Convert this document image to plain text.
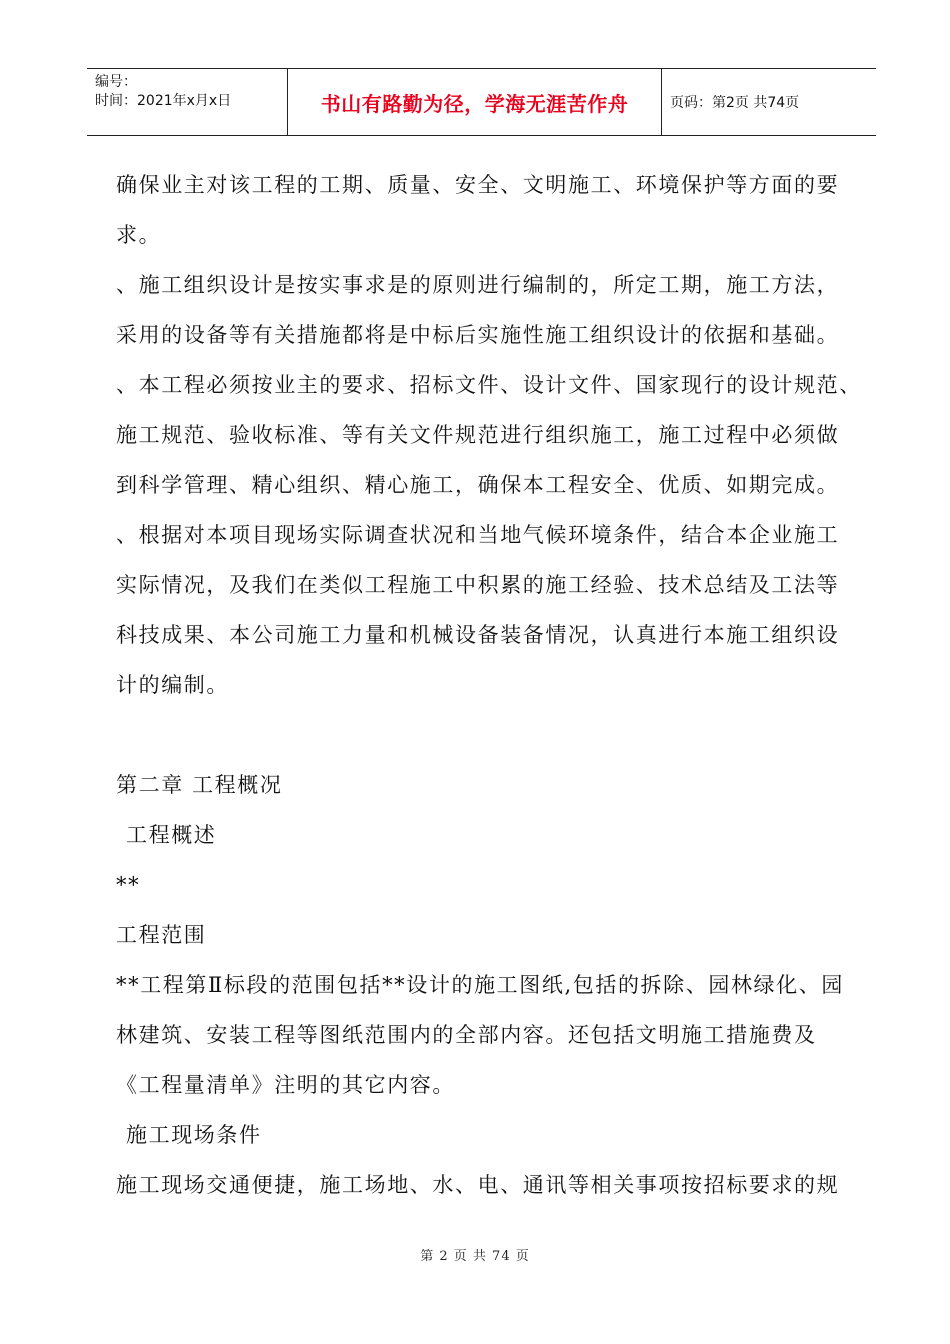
编号：
时间：2021年x月x日	书山有路勤为径，学海无涯苦作舟	页码：第2页 共74页

确保业主对该工程的工期、质量、安全、文明施工、环境保护等方面的要

求。

、施工组织设计是按实事求是的原则进行编制的，所定工期，施工方法，

采用的设备等有关措施都将是中标后实施性施工组织设计的依据和基础。

、本工程必须按业主的要求、招标文件、设计文件、国家现行的设计规范、

施工规范、验收标准、等有关文件规范进行组织施工，施工过程中必须做

到科学管理、精心组织、精心施工，确保本工程安全、优质、如期完成。

、根据对本项目现场实际调查状况和当地气候环境条件，结合本企业施工

实际情况，及我们在类似工程施工中积累的施工经验、技术总结及工法等

科技成果、本公司施工力量和机械设备装备情况，认真进行本施工组织设

计的编制。

第二章 工程概况

工程概述

**

工程范围

**工程第Ⅱ标段的范围包括**设计的施工图纸,包括的拆除、园林绿化、园

林建筑、安装工程等图纸范围内的全部内容。还包括文明施工措施费及

《工程量清单》注明的其它内容。

施工现场条件

施工现场交通便捷，施工场地、水、电、通讯等相关事项按招标要求的规

第 2 页 共 74 页
